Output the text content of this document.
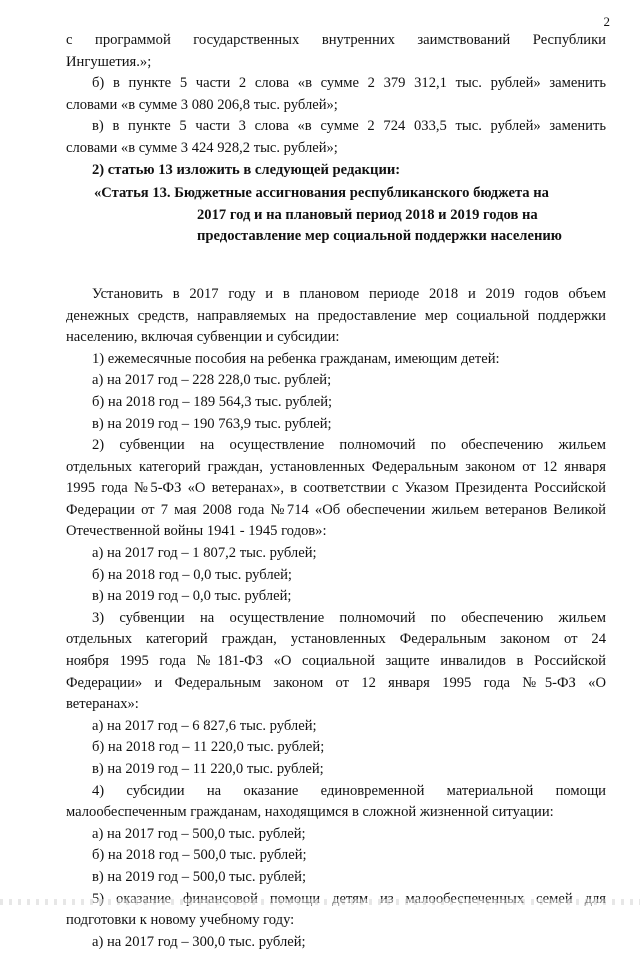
2
с программой государственных внутренних заимствований Республики
Ингушетия.»;
б) в пункте 5 части 2 слова «в сумме 2 379 312,1 тыс. рублей» заменить
словами «в сумме 3 080 206,8 тыс. рублей»;
в) в пункте 5 части 3 слова «в сумме 2 724 033,5 тыс. рублей» заменить
словами «в сумме 3 424 928,2 тыс. рублей»;
2) статью 13 изложить в следующей редакции:
«Статья 13. Бюджетные ассигнования республиканского бюджета на
2017 год и на плановый период 2018 и 2019 годов на
предоставление мер социальной поддержки населению
Установить в 2017 году и в плановом периоде 2018 и 2019 годов объем
денежных средств, направляемых на предоставление мер социальной поддержки
населению, включая субвенции и субсидии:
1) ежемесячные пособия на ребенка гражданам, имеющим детей:
а) на 2017 год – 228 228,0 тыс. рублей;
б) на 2018 год – 189 564,3 тыс. рублей;
в) на 2019 год – 190 763,9 тыс. рублей;
2) субвенции на осуществление полномочий по обеспечению жильем
отдельных категорий граждан, установленных Федеральным законом от 12 января
1995 года №5-ФЗ «О ветеранах», в соответствии с Указом Президента Российской
Федерации от 7 мая 2008 года №714 «Об обеспечении жильем ветеранов Великой
Отечественной войны 1941 - 1945 годов»:
а) на 2017 год – 1 807,2 тыс. рублей;
б) на 2018 год – 0,0 тыс. рублей;
в) на 2019 год – 0,0 тыс. рублей;
3) субвенции на осуществление полномочий по обеспечению жильем
отдельных категорий граждан, установленных Федеральным законом от 24
ноября 1995 года №181-ФЗ «О социальной защите инвалидов в Российской
Федерации» и Федеральным законом от 12 января 1995 года №5-ФЗ «О
ветеранах»:
а) на 2017 год – 6 827,6 тыс. рублей;
б) на 2018 год – 11 220,0 тыс. рублей;
в) на 2019 год – 11 220,0 тыс. рублей;
4) субсидии на оказание единовременной материальной помощи
малообеспеченным гражданам, находящимся в сложной жизненной ситуации:
а) на 2017 год – 500,0 тыс. рублей;
б) на 2018 год – 500,0 тыс. рублей;
в) на 2019 год – 500,0 тыс. рублей;
подготовки к новому учебному году:
а) на 2017 год – 300,0 тыс. рублей;
